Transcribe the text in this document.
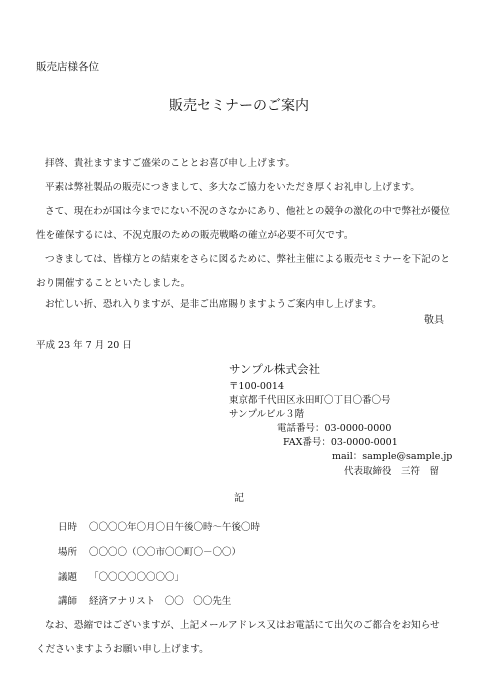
販売店様各位
販売セミナーのご案内
拝啓、貴社ますますご盛栄のこととお喜び申し上げます。
平素は弊社製品の販売につきまして、多大なご協力をいただき厚くお礼申し上げます。
さて、現在わが国は今までにない不況のさなかにあり、他社との競争の激化の中で弊社が優位
性を確保するには、不況克服のための販売戦略の確立が必要不可欠です。
つきましては、皆様方との結束をさらに図るために、弊社主催による販売セミナーを下記のと
おり開催することといたしました。
お忙しい折、恐れ入りますが、是非ご出席賜りますようご案内申し上げます。
敬具
平成 23 年 7 月 20 日
サンプル株式会社
〒100-0014
東京都千代田区永田町〇丁目〇番〇号
サンプルビル３階
電話番号：03-0000-0000
FAX番号：03-0000-0001
mail：sample@sample.jp
代表取締役　三符　留
記
日時 〇〇〇〇年〇月〇日午後〇時～午後〇時
場所 〇〇〇〇（〇〇市〇〇町〇－〇〇）
議題 「〇〇〇〇〇〇〇〇」
講師 経済アナリスト　〇〇　〇〇先生
なお、恐縮ではございますが、上記メールアドレス又はお電話にて出欠のご都合をお知らせ
くださいますようお願い申し上げます。
